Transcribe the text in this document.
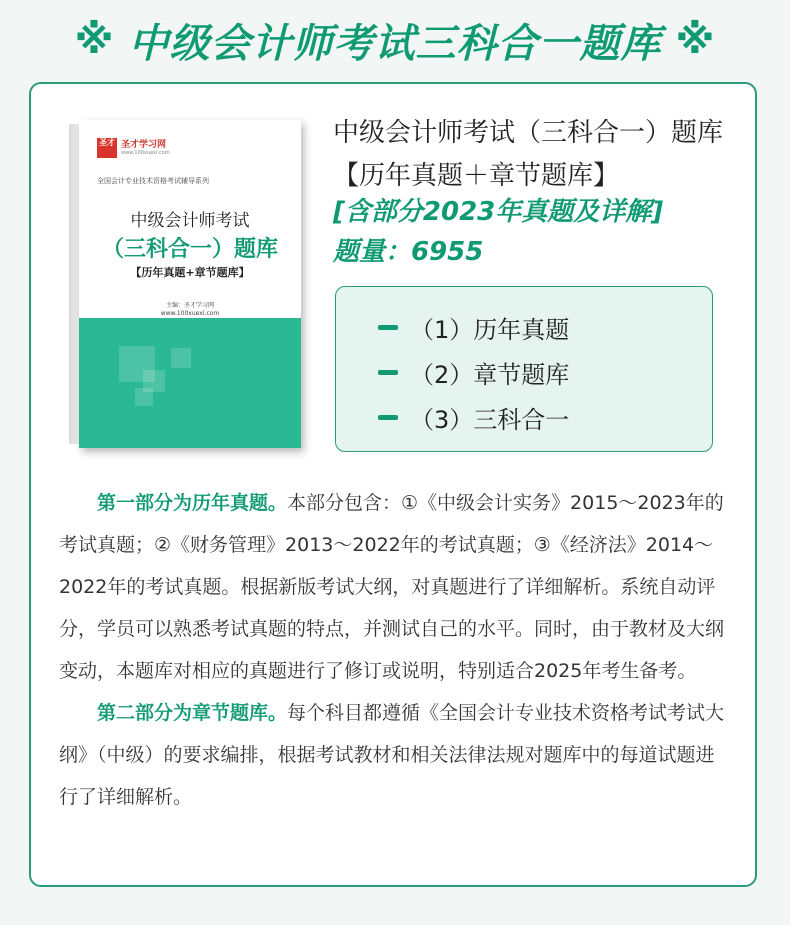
※ 中级会计师考试三科合一题库 ※
圣才 圣才学习网
www.100xuexi.com
全国会计专业技术资格考试辅导系列
中级会计师考试
（三科合一）题库
【历年真题+章节题库】
主编：圣才学习网
www.100xuexi.com
中级会计师考试（三科合一）题库【历年真题＋章节题库】
[含部分2023年真题及详解]
题量：6955
（1）历年真题
（2）章节题库
（3）三科合一

第一部分为历年真题。本部分包含：①《中级会计实务》2015～2023年的考试真题；②《财务管理》2013～2022年的考试真题；③《经济法》2014～2022年的考试真题。根据新版考试大纲，对真题进行了详细解析。系统自动评分，学员可以熟悉考试真题的特点，并测试自己的水平。同时，由于教材及大纲变动，本题库对相应的真题进行了修订或说明，特别适合2025年考生备考。

第二部分为章节题库。每个科目都遵循《全国会计专业技术资格考试考试大纲》（中级）的要求编排，根据考试教材和相关法律法规对题库中的每道试题进行了详细解析。
